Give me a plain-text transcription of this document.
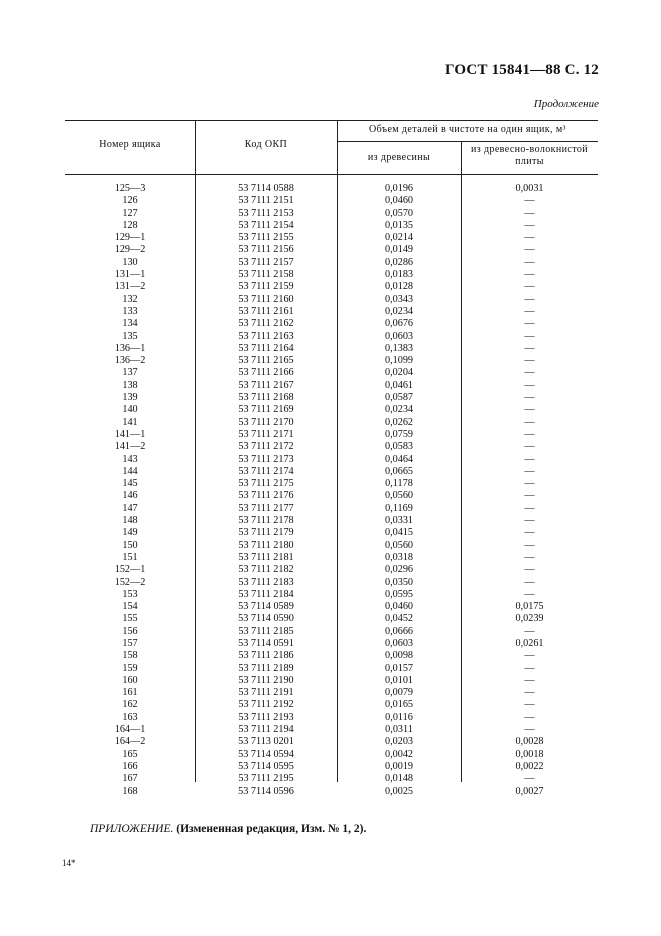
ГОСТ 15841—88 С. 12
Продолжение
Номер ящика	Код ОКП
Объем деталей в чистоте на один ящик, м³
из древесины
из древесно-волокнистой плиты
125—3	53 7114 0588	0,0196	0,0031
126	53 7111 2151	0,0460	—
127	53 7111 2153	0,0570	—
128	53 7111 2154	0,0135	—
129—1	53 7111 2155	0,0214	—
129—2	53 7111 2156	0,0149	—
130	53 7111 2157	0,0286	—
131—1	53 7111 2158	0,0183	—
131—2	53 7111 2159	0,0128	—
132	53 7111 2160	0,0343	—
133	53 7111 2161	0,0234	—
134	53 7111 2162	0,0676	—
135	53 7111 2163	0,0603	—
136—1	53 7111 2164	0,1383	—
136—2	53 7111 2165	0,1099	—
137	53 7111 2166	0,0204	—
138	53 7111 2167	0,0461	—
139	53 7111 2168	0,0587	—
140	53 7111 2169	0,0234	—
141	53 7111 2170	0,0262	—
141—1	53 7111 2171	0,0759	—
141—2	53 7111 2172	0,0583	—
143	53 7111 2173	0,0464	—
144	53 7111 2174	0,0665	—
145	53 7111 2175	0,1178	—
146	53 7111 2176	0,0560	—
147	53 7111 2177	0,1169	—
148	53 7111 2178	0,0331	—
149	53 7111 2179	0,0415	—
150	53 7111 2180	0,0560	—
151	53 7111 2181	0,0318	—
152—1	53 7111 2182	0,0296	—
152—2	53 7111 2183	0,0350	—
153	53 7111 2184	0,0595	—
154	53 7114 0589	0,0460	0,0175
155	53 7114 0590	0,0452	0,0239
156	53 7111 2185	0,0666	—
157	53 7114 0591	0,0603	0,0261
158	53 7111 2186	0,0098	—
159	53 7111 2189	0,0157	—
160	53 7111 2190	0,0101	—
161	53 7111 2191	0,0079	—
162	53 7111 2192	0,0165	—
163	53 7111 2193	0,0116	—
164—1	53 7111 2194	0,0311	—
164—2	53 7113 0201	0,0203	0,0028
165	53 7114 0594	0,0042	0,0018
166	53 7114 0595	0,0019	0,0022
167	53 7111 2195	0,0148	—
168	53 7114 0596	0,0025	0,0027
ПРИЛОЖЕНИЕ. (Измененная редакция, Изм. № 1, 2).
14*
